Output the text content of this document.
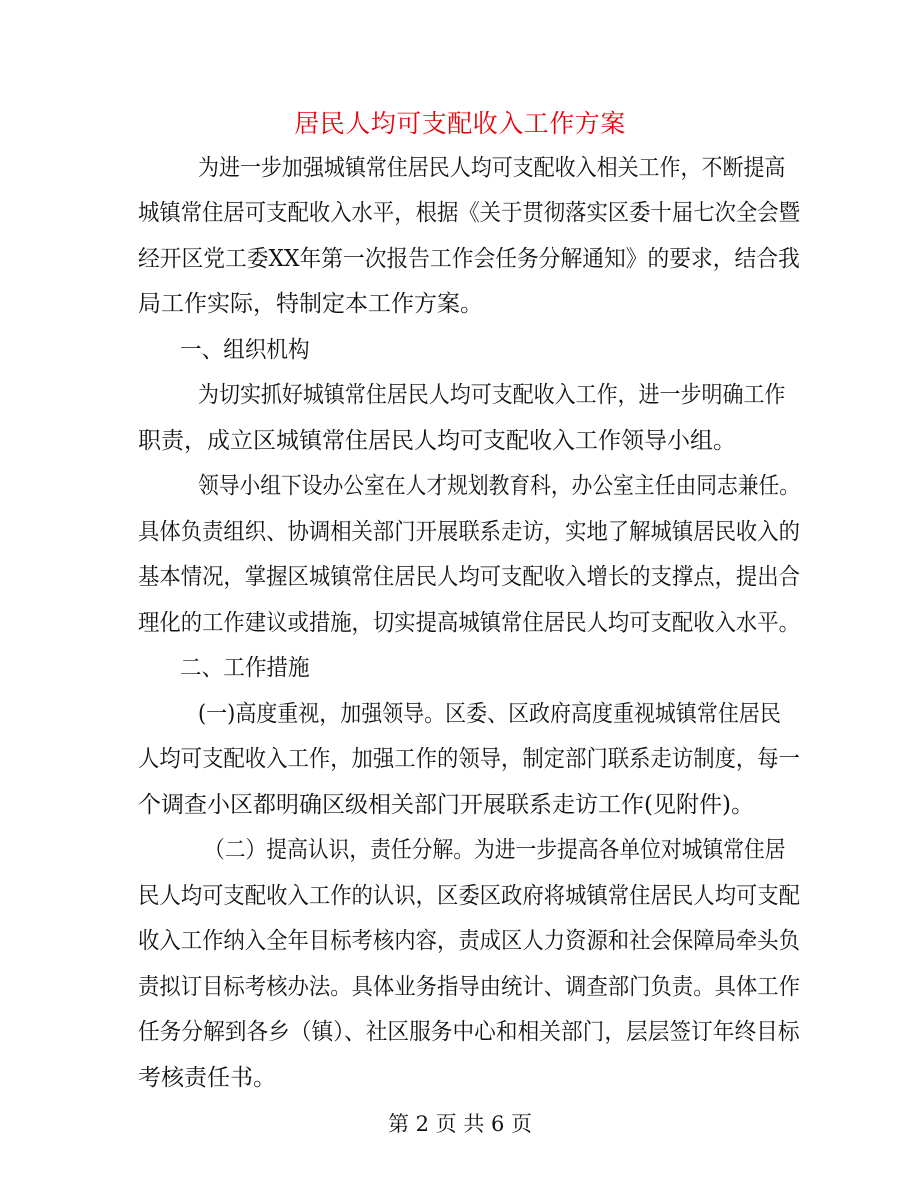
居民人均可支配收入工作方案
为进一步加强城镇常住居民人均可支配收入相关工作，不断提高
城镇常住居可支配收入水平，根据《关于贯彻落实区委十届七次全会暨
经开区党工委XX年第一次报告工作会任务分解通知》的要求，结合我
局工作实际，特制定本工作方案。
一、组织机构
为切实抓好城镇常住居民人均可支配收入工作，进一步明确工作
职责，成立区城镇常住居民人均可支配收入工作领导小组。
领导小组下设办公室在人才规划教育科，办公室主任由同志兼任。
具体负责组织、协调相关部门开展联系走访，实地了解城镇居民收入的
基本情况，掌握区城镇常住居民人均可支配收入增长的支撑点，提出合
理化的工作建议或措施，切实提高城镇常住居民人均可支配收入水平。
二、工作措施
(一)高度重视，加强领导。区委、区政府高度重视城镇常住居民
人均可支配收入工作，加强工作的领导，制定部门联系走访制度，每一
个调查小区都明确区级相关部门开展联系走访工作(见附件)。
（二）提高认识，责任分解。为进一步提高各单位对城镇常住居
民人均可支配收入工作的认识，区委区政府将城镇常住居民人均可支配
收入工作纳入全年目标考核内容，责成区人力资源和社会保障局牵头负
责拟订目标考核办法。具体业务指导由统计、调查部门负责。具体工作
任务分解到各乡（镇）、社区服务中心和相关部门，层层签订年终目标
考核责任书。
第 2 页 共 6 页
